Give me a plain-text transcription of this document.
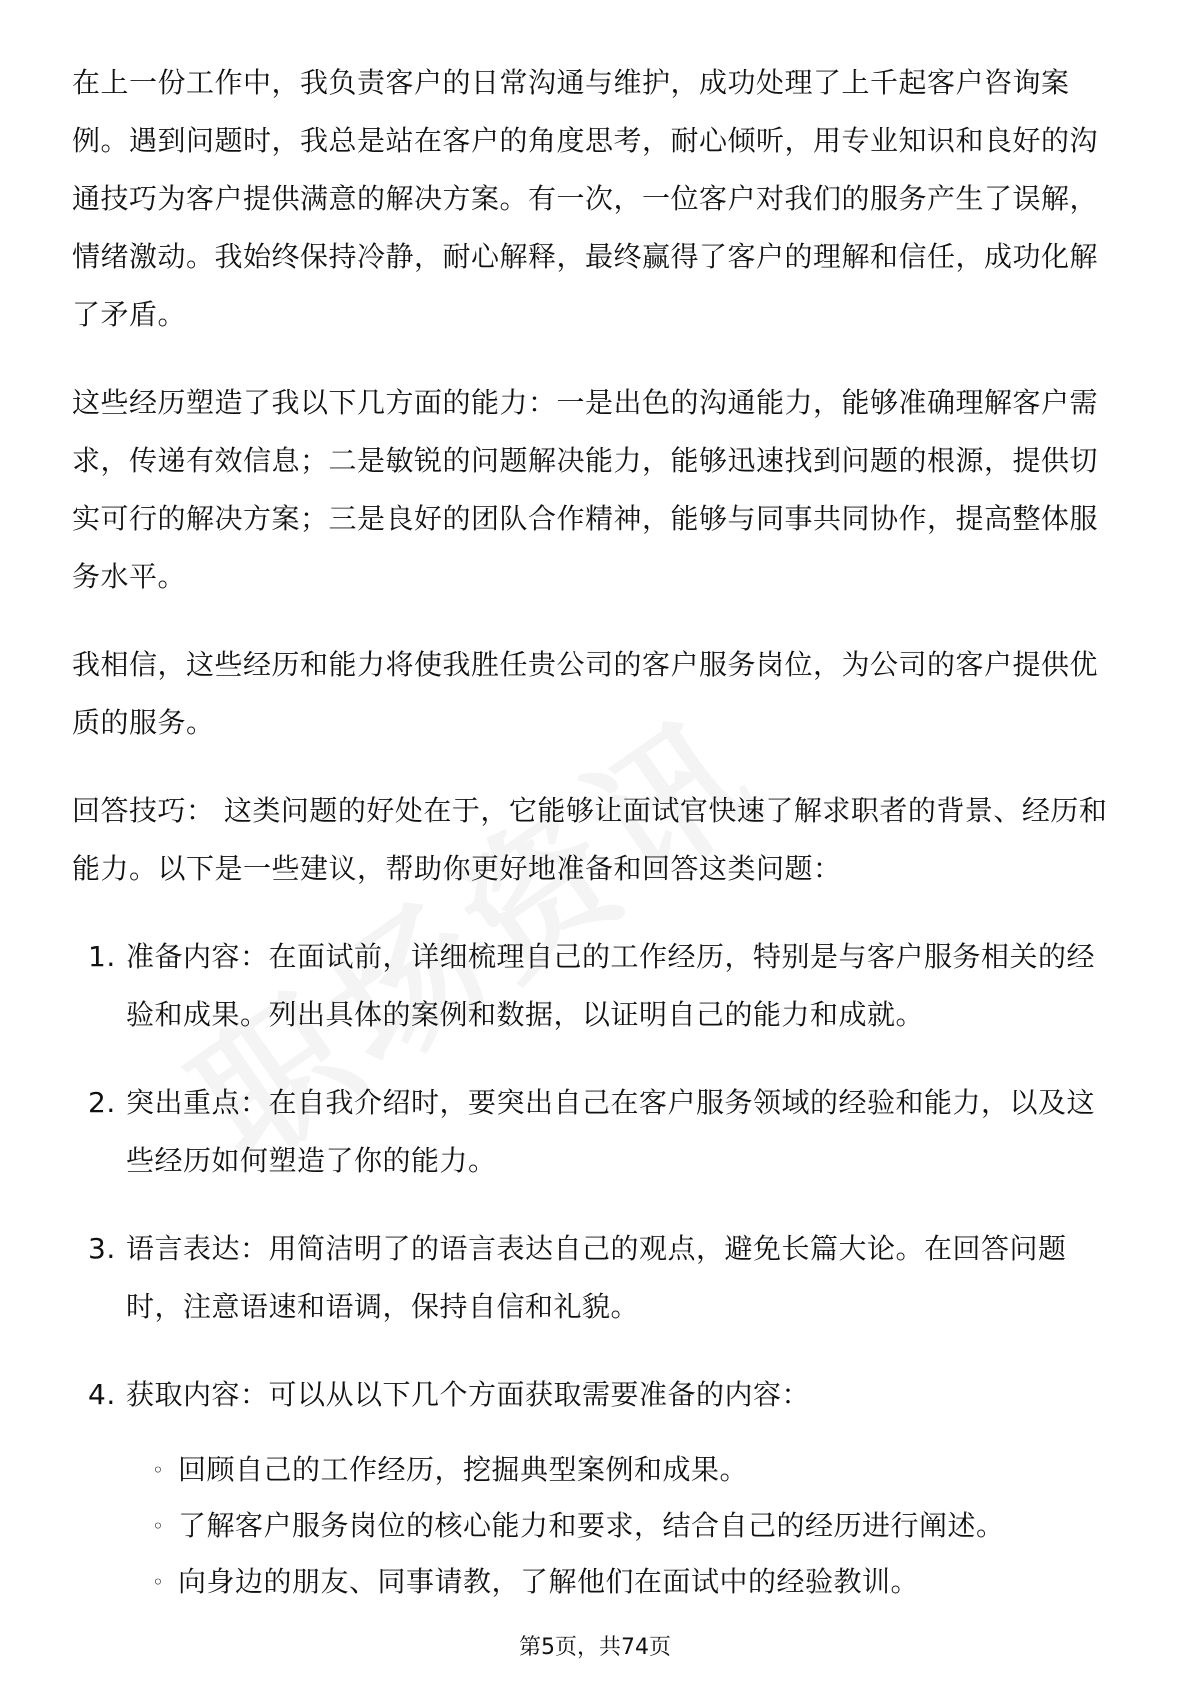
在上一份工作中，我负责客户的日常沟通与维护，成功处理了上千起客户咨询案例。遇到问题时，我总是站在客户的角度思考，耐心倾听，用专业知识和良好的沟通技巧为客户提供满意的解决方案。有一次，一位客户对我们的服务产生了误解，情绪激动。我始终保持冷静，耐心解释，最终赢得了客户的理解和信任，成功化解了矛盾。

这些经历塑造了我以下几方面的能力：一是出色的沟通能力，能够准确理解客户需求，传递有效信息；二是敏锐的问题解决能力，能够迅速找到问题的根源，提供切实可行的解决方案；三是良好的团队合作精神，能够与同事共同协作，提高整体服务水平。

我相信，这些经历和能力将使我胜任贵公司的客户服务岗位，为公司的客户提供优质的服务。

回答技巧： 这类问题的好处在于，它能够让面试官快速了解求职者的背景、经历和能力。以下是一些建议，帮助你更好地准备和回答这类问题：

1. 准备内容：在面试前，详细梳理自己的工作经历，特别是与客户服务相关的经验和成果。列出具体的案例和数据，以证明自己的能力和成就。
2. 突出重点：在自我介绍时，要突出自己在客户服务领域的经验和能力，以及这些经历如何塑造了你的能力。
3. 语言表达：用简洁明了的语言表达自己的观点，避免长篇大论。在回答问题时，注意语速和语调，保持自信和礼貌。
4. 获取内容：可以从以下几个方面获取需要准备的内容：
◦ 回顾自己的工作经历，挖掘典型案例和成果。
◦ 了解客户服务岗位的核心能力和要求，结合自己的经历进行阐述。
◦ 向身边的朋友、同事请教，了解他们在面试中的经验教训。
第5页，共74页
